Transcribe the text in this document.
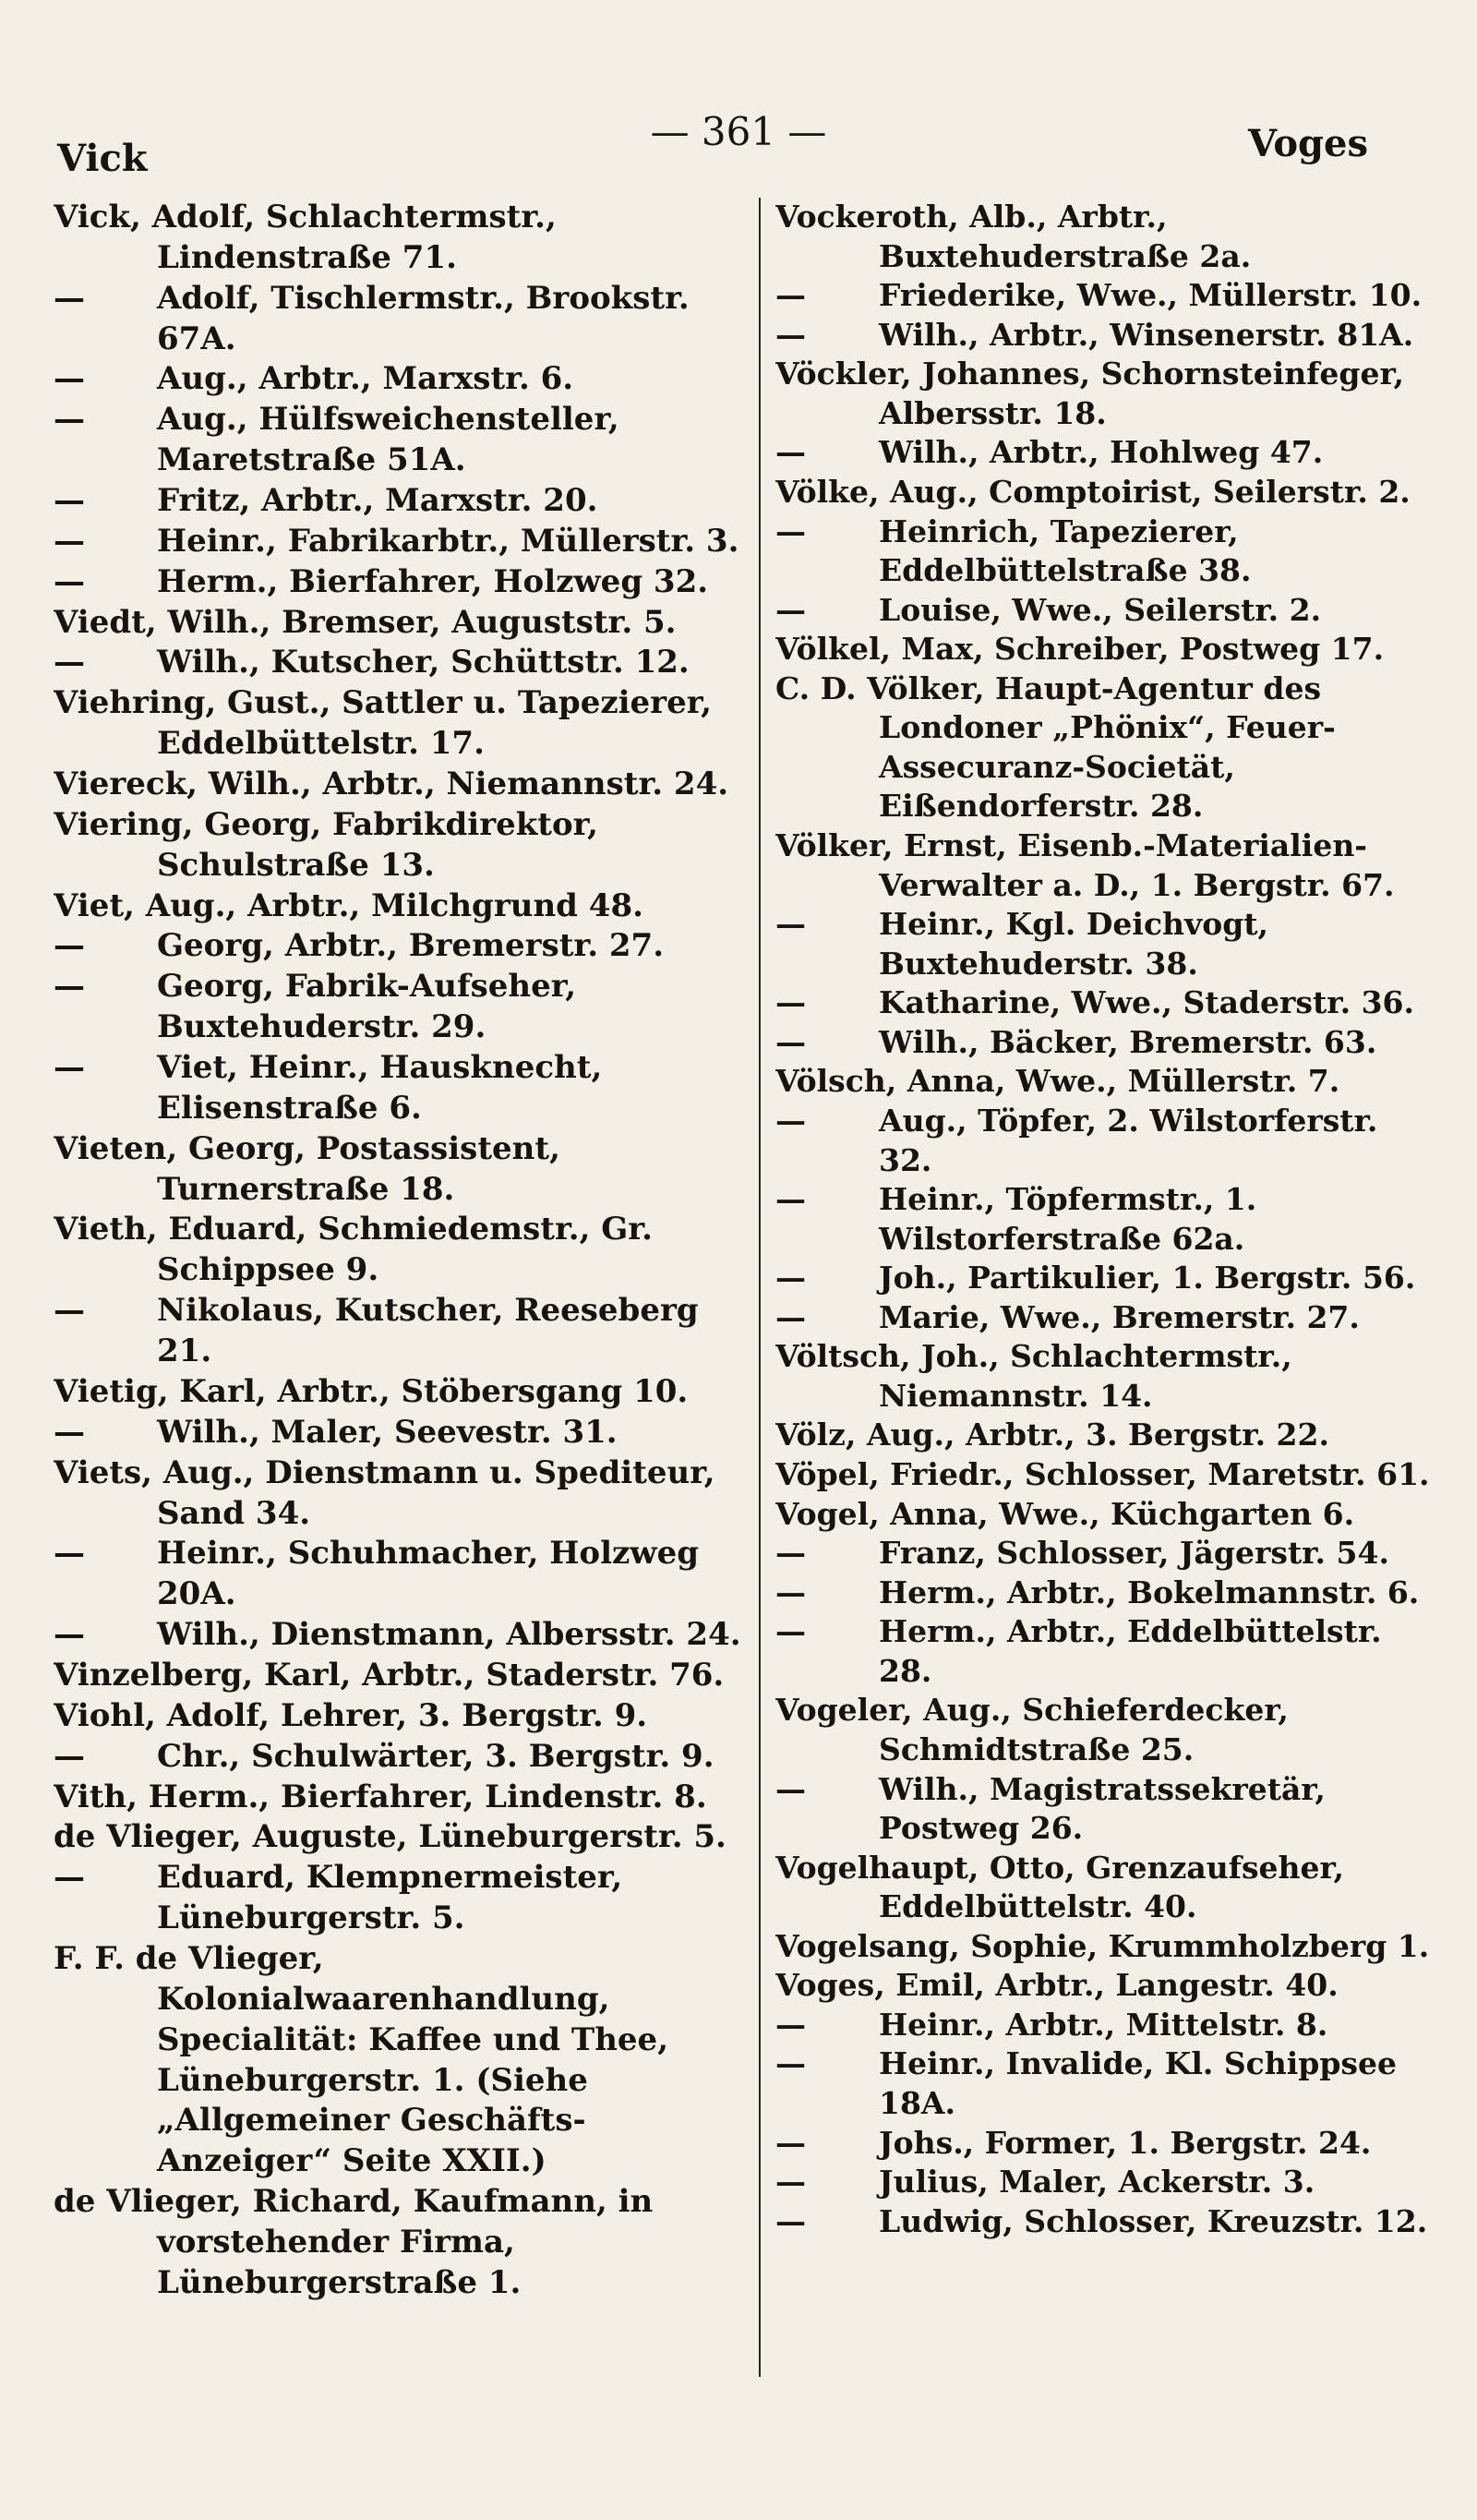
Vick
— 361 —	Voges
Vick, Adolf, Schlachtermstr., Lindenstraße 71.
— Adolf, Tischlermstr., Brookstr. 67A.
— Aug., Arbtr., Marxstr. 6.
— Aug., Hülfsweichensteller, Maretstraße 51A.
— Fritz, Arbtr., Marxstr. 20.
— Heinr., Fabrikarbtr., Müllerstr. 3.
— Herm., Bierfahrer, Holzweg 32.
Viedt, Wilh., Bremser, Auguststr. 5.
— Wilh., Kutscher, Schüttstr. 12.
Viehring, Gust., Sattler u. Tapezierer, Eddelbüttelstr. 17.
Viereck, Wilh., Arbtr., Niemannstr. 24.
Viering, Georg, Fabrikdirektor, Schulstraße 13.
Viet, Aug., Arbtr., Milchgrund 48.
— Georg, Arbtr., Bremerstr. 27.
— Georg, Fabrik-Aufseher, Buxtehuderstr. 29.
— Viet, Heinr., Hausknecht, Elisenstraße 6.
Vieten, Georg, Postassistent, Turnerstraße 18.
Vieth, Eduard, Schmiedemstr., Gr. Schippsee 9.
— Nikolaus, Kutscher, Reeseberg 21.
Vietig, Karl, Arbtr., Stöbersgang 10.
— Wilh., Maler, Seevestr. 31.
Viets, Aug., Dienstmann u. Spediteur, Sand 34.
— Heinr., Schuhmacher, Holzweg 20A.
— Wilh., Dienstmann, Albersstr. 24.
Vinzelberg, Karl, Arbtr., Staderstr. 76.
Viohl, Adolf, Lehrer, 3. Bergstr. 9.
— Chr., Schulwärter, 3. Bergstr. 9.
Vith, Herm., Bierfahrer, Lindenstr. 8.
de Vlieger, Auguste, Lüneburgerstr. 5.
— Eduard, Klempnermeister, Lüneburgerstr. 5.
F. F. de Vlieger, Kolonialwaarenhandlung, Specialität: Kaffee und Thee, Lüneburgerstr. 1. (Siehe „Allgemeiner Geschäfts-Anzeiger“ Seite XXII.)
de Vlieger, Richard, Kaufmann, in vorstehender Firma, Lüneburgerstraße 1.
Vockeroth, Alb., Arbtr., Buxtehuderstraße 2a.
— Friederike, Wwe., Müllerstr. 10.
— Wilh., Arbtr., Winsenerstr. 81A.
Vöckler, Johannes, Schornsteinfeger, Albersstr. 18.
— Wilh., Arbtr., Hohlweg 47.
Völke, Aug., Comptoirist, Seilerstr. 2.
— Heinrich, Tapezierer, Eddelbüttelstraße 38.
— Louise, Wwe., Seilerstr. 2.
Völkel, Max, Schreiber, Postweg 17.
C. D. Völker, Haupt-Agentur des Londoner „Phönix“, Feuer-Assecuranz-Societät, Eißendorferstr. 28.
Völker, Ernst, Eisenb.-Materialien-Verwalter a. D., 1. Bergstr. 67.
— Heinr., Kgl. Deichvogt, Buxtehuderstr. 38.
— Katharine, Wwe., Staderstr. 36.
— Wilh., Bäcker, Bremerstr. 63.
Völsch, Anna, Wwe., Müllerstr. 7.
— Aug., Töpfer, 2. Wilstorferstr. 32.
— Heinr., Töpfermstr., 1. Wilstorferstraße 62a.
— Joh., Partikulier, 1. Bergstr. 56.
— Marie, Wwe., Bremerstr. 27.
Völtsch, Joh., Schlachtermstr., Niemannstr. 14.
Völz, Aug., Arbtr., 3. Bergstr. 22.
Vöpel, Friedr., Schlosser, Maretstr. 61.
Vogel, Anna, Wwe., Küchgarten 6.
— Franz, Schlosser, Jägerstr. 54.
— Herm., Arbtr., Bokelmannstr. 6.
— Herm., Arbtr., Eddelbüttelstr. 28.
Vogeler, Aug., Schieferdecker, Schmidtstraße 25.
— Wilh., Magistratssekretär, Postweg 26.
Vogelhaupt, Otto, Grenzaufseher, Eddelbüttelstr. 40.
Vogelsang, Sophie, Krummholzberg 1.
Voges, Emil, Arbtr., Langestr. 40.
— Heinr., Arbtr., Mittelstr. 8.
— Heinr., Invalide, Kl. Schippsee 18A.
— Johs., Former, 1. Bergstr. 24.
— Julius, Maler, Ackerstr. 3.
— Ludwig, Schlosser, Kreuzstr. 12.
